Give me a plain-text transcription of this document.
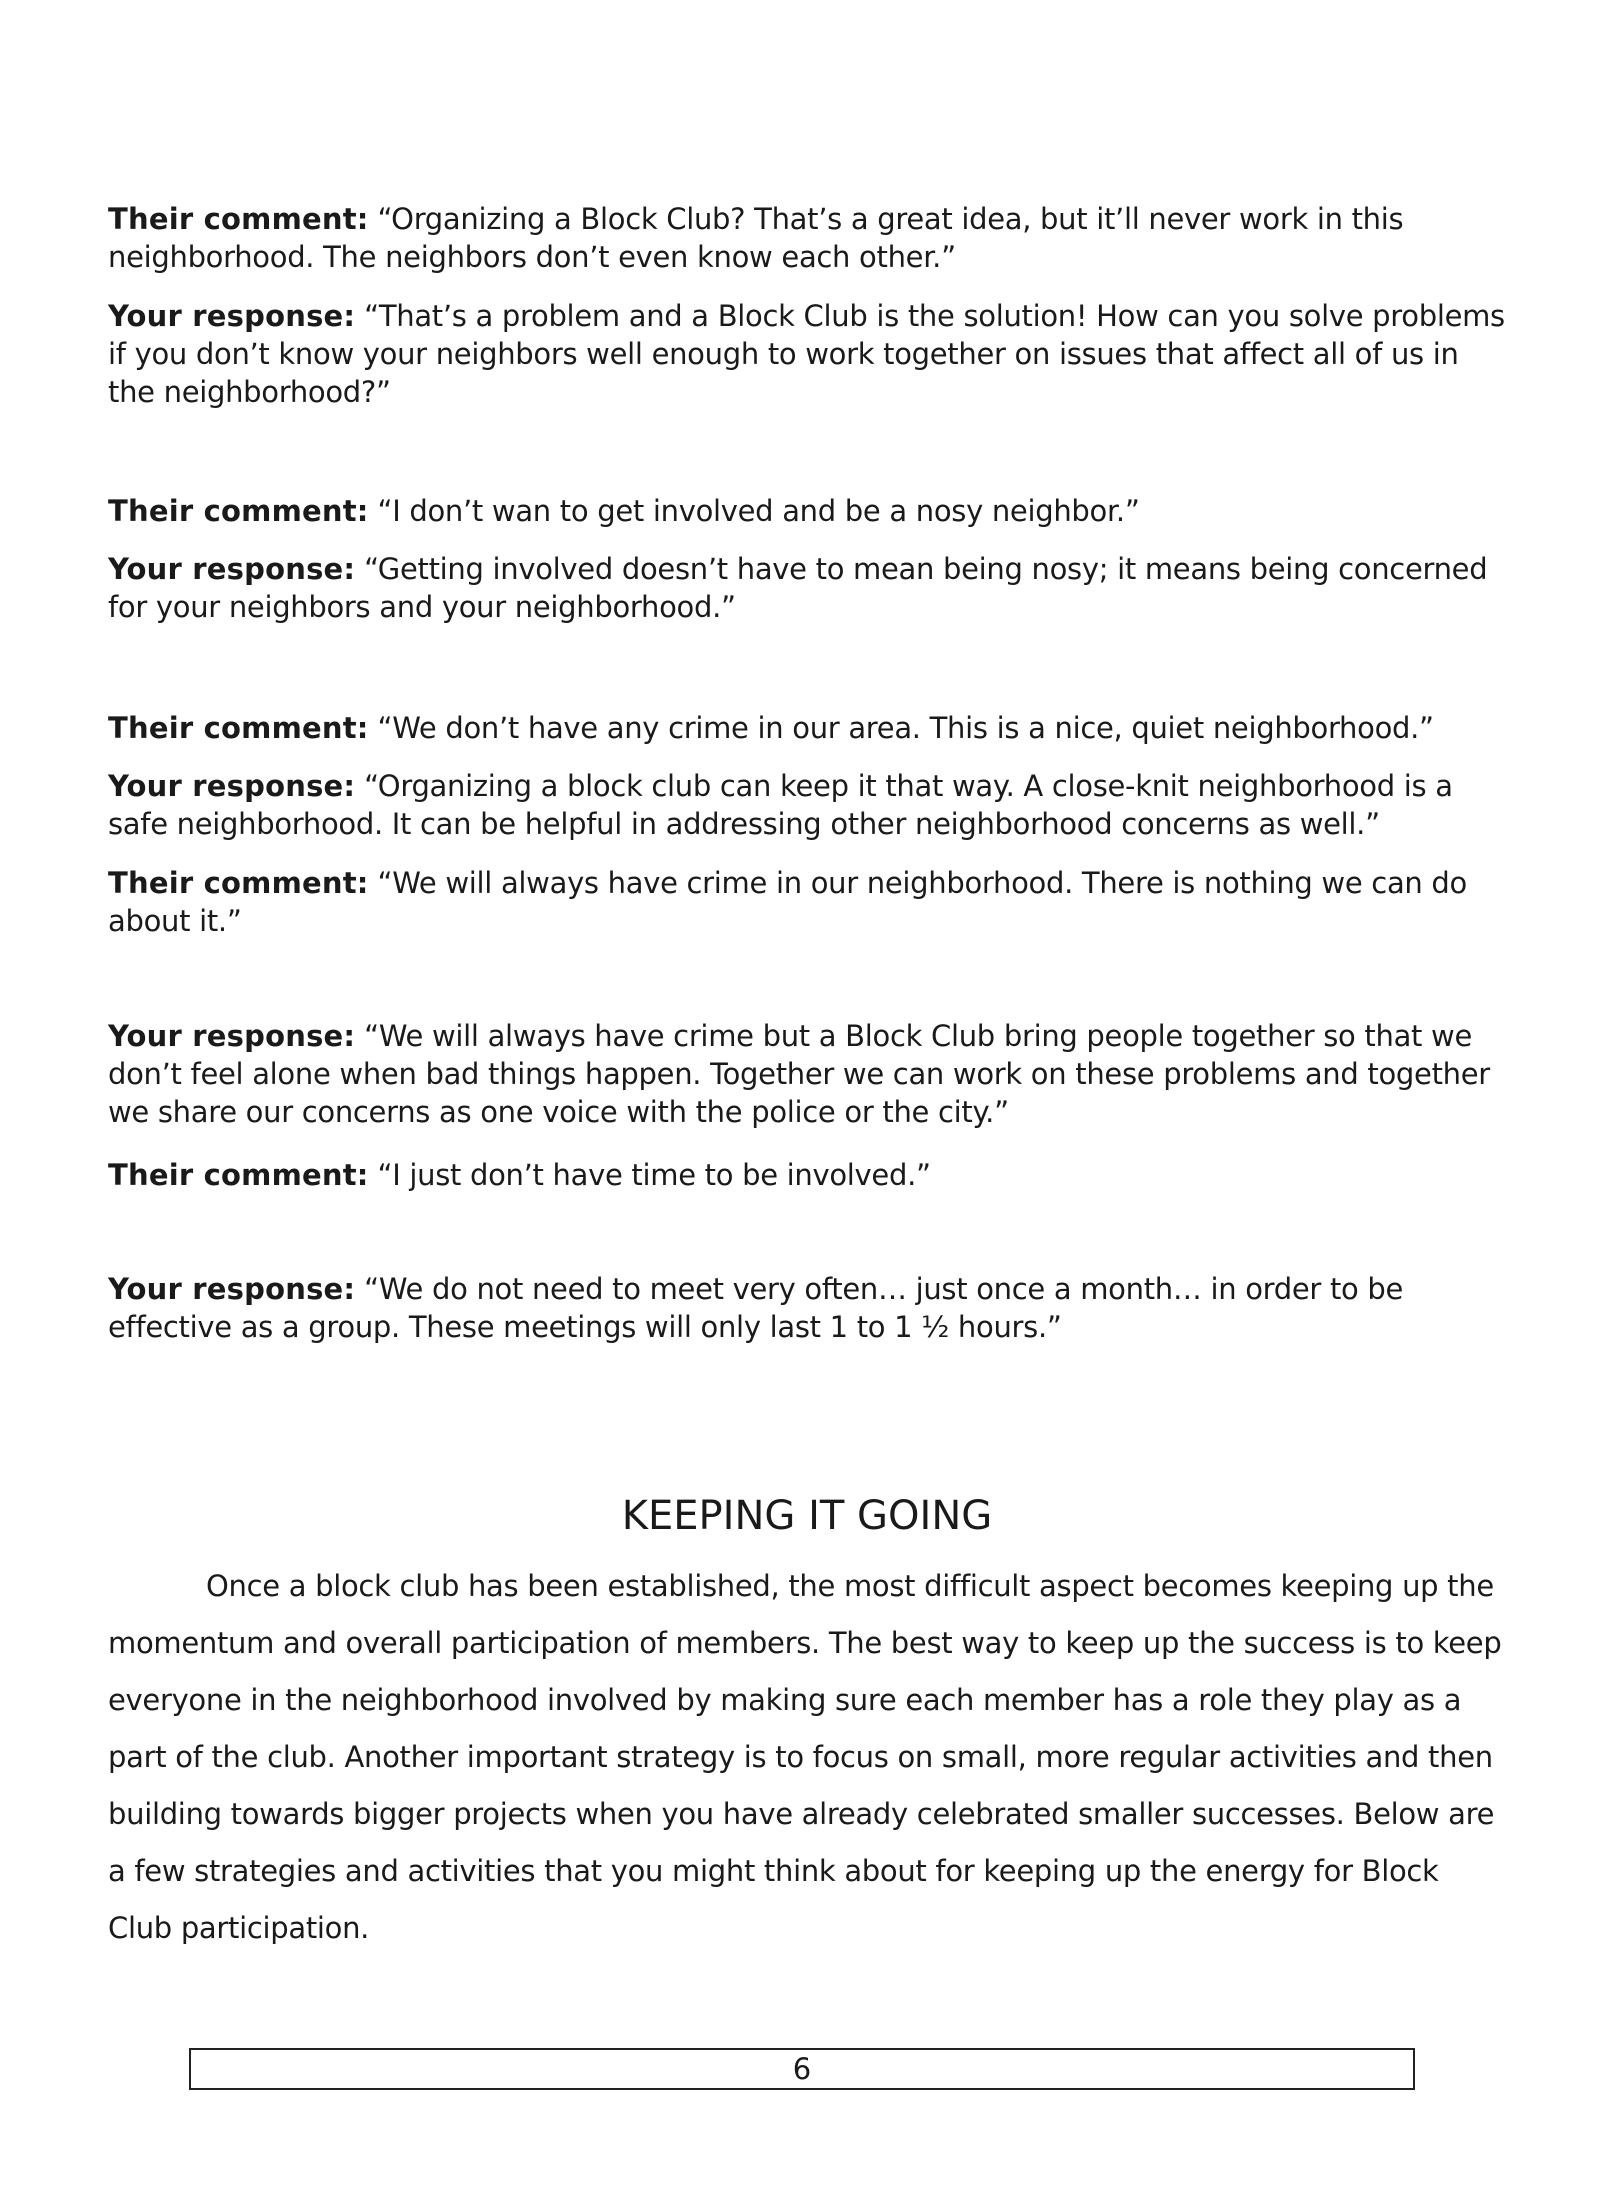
Their comment: “Organizing a Block Club? That’s a great idea, but it’ll never work in this neighborhood. The neighbors don’t even know each other.”
Your response: “That’s a problem and a Block Club is the solution! How can you solve problems if you don’t know your neighbors well enough to work together on issues that affect all of us in the neighborhood?”
Their comment: “I don’t wan to get involved and be a nosy neighbor.”
Your response: “Getting involved doesn’t have to mean being nosy; it means being concerned for your neighbors and your neighborhood.”
Their comment: “We don’t have any crime in our area. This is a nice, quiet neighborhood.”
Your response: “Organizing a block club can keep it that way. A close-knit neighborhood is a safe neighborhood. It can be helpful in addressing other neighborhood concerns as well.”
Their comment: “We will always have crime in our neighborhood. There is nothing we can do about it.”
Your response: “We will always have crime but a Block Club bring people together so that we don’t feel alone when bad things happen. Together we can work on these problems and together we share our concerns as one voice with the police or the city.”
Their comment: “I just don’t have time to be involved.”
Your response: “We do not need to meet very often… just once a month… in order to be effective as a group. These meetings will only last 1 to 1 ½ hours.”
KEEPING IT GOING
Once a block club has been established, the most difficult aspect becomes keeping up the momentum and overall participation of members. The best way to keep up the success is to keep everyone in the neighborhood involved by making sure each member has a role they play as a part of the club. Another important strategy is to focus on small, more regular activities and then building towards bigger projects when you have already celebrated smaller successes. Below are a few strategies and activities that you might think about for keeping up the energy for Block Club participation.
6
